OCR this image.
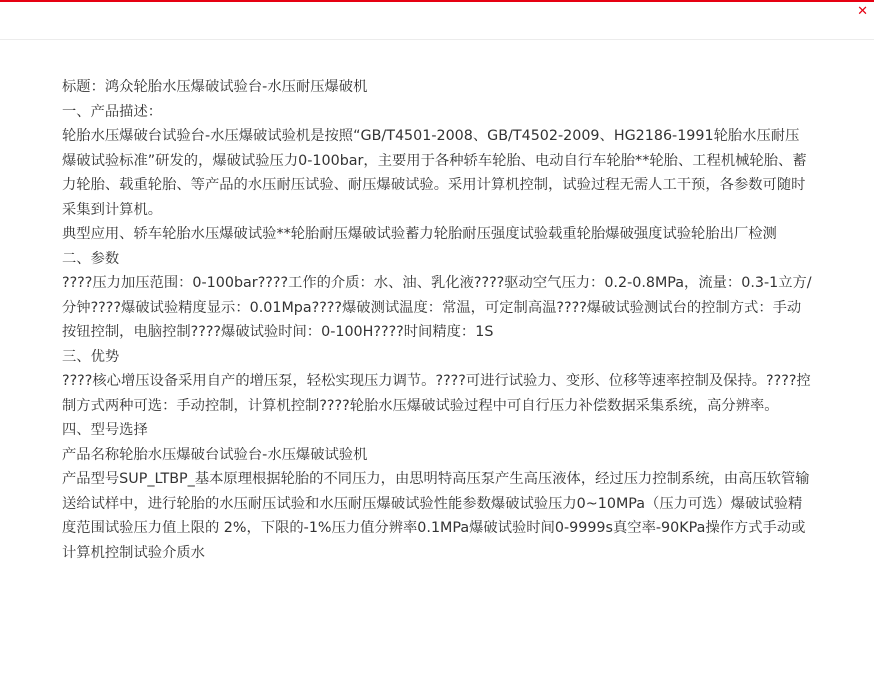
✕

标题：鸿众轮胎水压爆破试验台-水压耐压爆破机

一、产品描述：

轮胎水压爆破台试验台-水压爆破试验机是按照“GB/T4501-2008、GB/T4502-2009、HG2186-1991轮胎水压耐压爆破试验标准”研发的，爆破试验压力0-100bar，主要用于各种轿车轮胎、电动自行车轮胎**轮胎、工程机械轮胎、蓄力轮胎、载重轮胎、等产品的水压耐压试验、耐压爆破试验。采用计算机控制，试验过程无需人工干预，各参数可随时采集到计算机。

典型应用、轿车轮胎水压爆破试验**轮胎耐压爆破试验蓄力轮胎耐压强度试验载重轮胎爆破强度试验轮胎出厂检测

二、参数

????压力加压范围：0-100bar????工作的介质：水、油、乳化液????驱动空气压力：0.2-0.8MPa，流量：0.3-1立方/分钟????爆破试验精度显示：0.01Mpa????爆破测试温度：常温，可定制高温????爆破试验测试台的控制方式：手动按钮控制，电脑控制????爆破试验时间：0-100H????时间精度：1S

三、优势

????核心增压设备采用自产的增压泵，轻松实现压力调节。????可进行试验力、变形、位移等速率控制及保持。????控制方式两种可选：手动控制，计算机控制????轮胎水压爆破试验过程中可自行压力补偿数据采集系统，高分辨率。

四、型号选择

产品名称轮胎水压爆破台试验台-水压爆破试验机

产品型号SUP_LTBP_基本原理根据轮胎的不同压力，由思明特高压泵产生高压液体，经过压力控制系统，由高压软管输送给试样中，进行轮胎的水压耐压试验和水压耐压爆破试验性能参数爆破试验压力0~10MPa（压力可选）爆破试验精度范围试验压力值上限的 2%，下限的-1%压力值分辨率0.1MPa爆破试验时间0-9999s真空率-90KPa操作方式手动或计算机控制试验介质水
